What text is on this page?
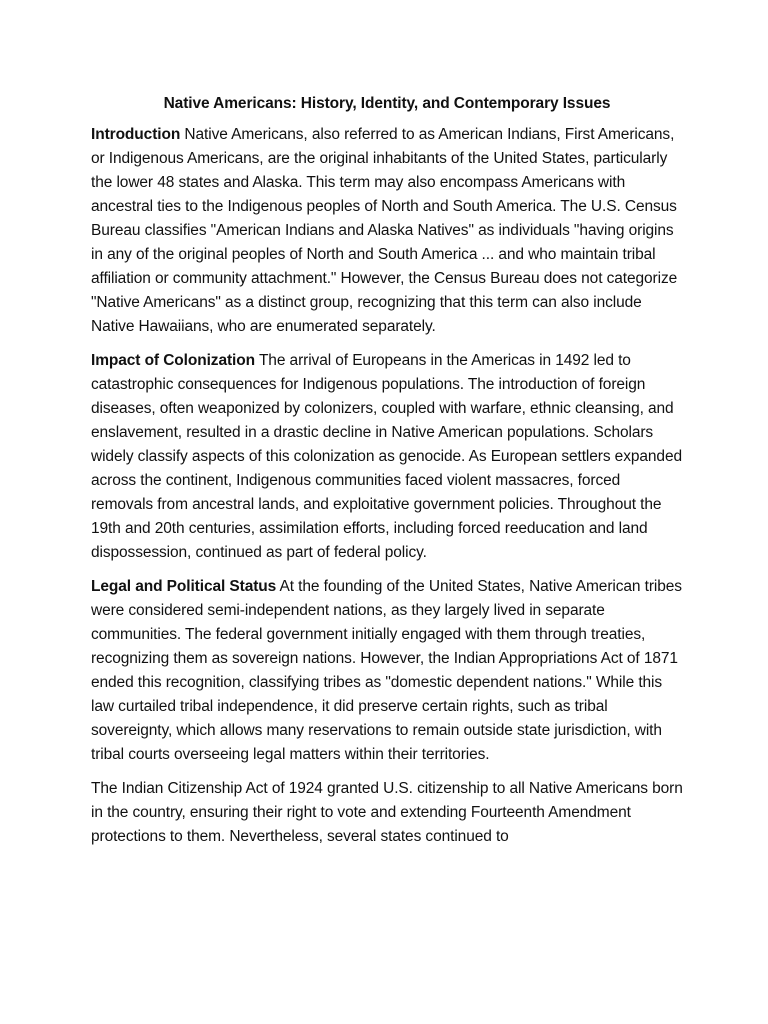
Native Americans: History, Identity, and Contemporary Issues

Introduction Native Americans, also referred to as American Indians, First Americans, or Indigenous Americans, are the original inhabitants of the United States, particularly the lower 48 states and Alaska. This term may also encompass Americans with ancestral ties to the Indigenous peoples of North and South America. The U.S. Census Bureau classifies "American Indians and Alaska Natives" as individuals "having origins in any of the original peoples of North and South America ... and who maintain tribal affiliation or community attachment." However, the Census Bureau does not categorize "Native Americans" as a distinct group, recognizing that this term can also include Native Hawaiians, who are enumerated separately.

Impact of Colonization The arrival of Europeans in the Americas in 1492 led to catastrophic consequences for Indigenous populations. The introduction of foreign diseases, often weaponized by colonizers, coupled with warfare, ethnic cleansing, and enslavement, resulted in a drastic decline in Native American populations. Scholars widely classify aspects of this colonization as genocide. As European settlers expanded across the continent, Indigenous communities faced violent massacres, forced removals from ancestral lands, and exploitative government policies. Throughout the 19th and 20th centuries, assimilation efforts, including forced reeducation and land dispossession, continued as part of federal policy.

Legal and Political Status At the founding of the United States, Native American tribes were considered semi-independent nations, as they largely lived in separate communities. The federal government initially engaged with them through treaties, recognizing them as sovereign nations. However, the Indian Appropriations Act of 1871 ended this recognition, classifying tribes as "domestic dependent nations." While this law curtailed tribal independence, it did preserve certain rights, such as tribal sovereignty, which allows many reservations to remain outside state jurisdiction, with tribal courts overseeing legal matters within their territories.

The Indian Citizenship Act of 1924 granted U.S. citizenship to all Native Americans born in the country, ensuring their right to vote and extending Fourteenth Amendment protections to them. Nevertheless, several states continued to
